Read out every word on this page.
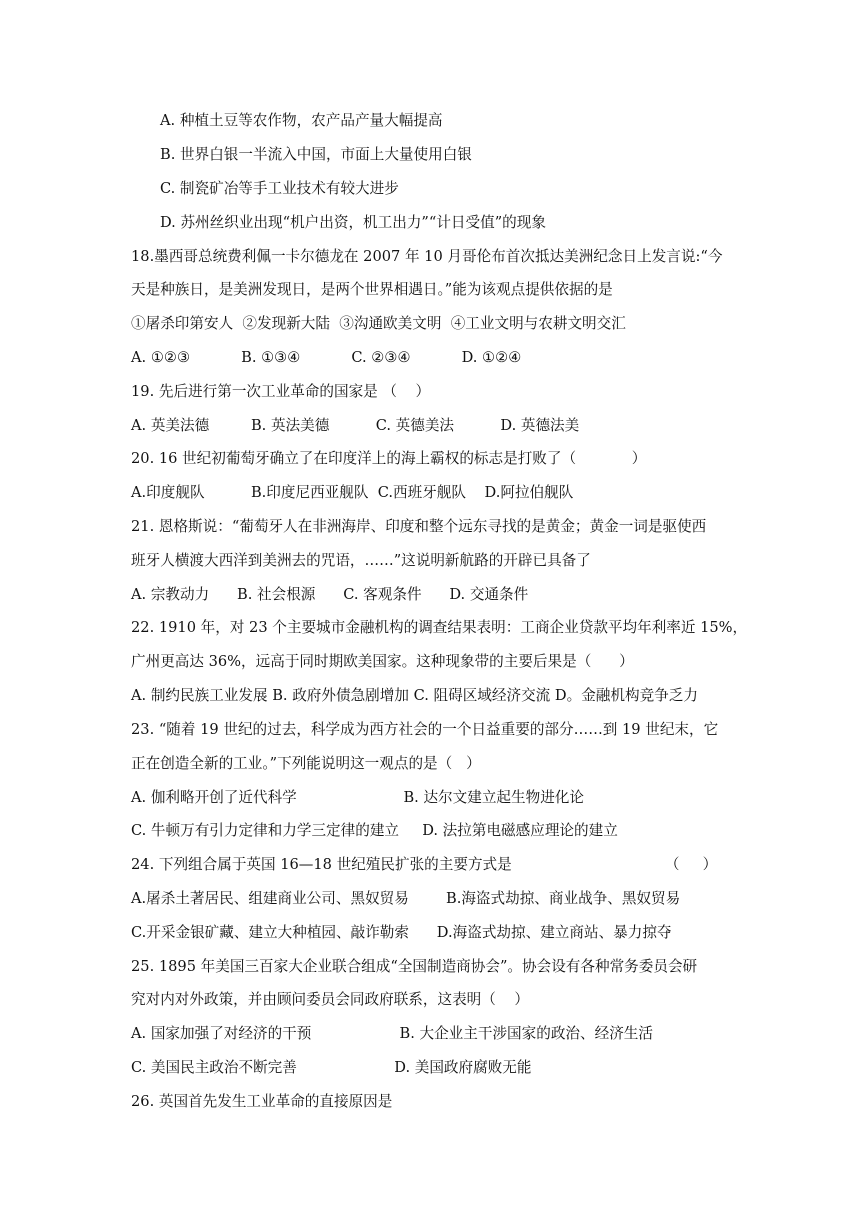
A. 种植土豆等农作物，农产品产量大幅提高
B. 世界白银一半流入中国，市面上大量使用白银
C. 制瓷矿冶等手工业技术有较大进步
D. 苏州丝织业出现“机户出资，机工出力”“计日受值”的现象
18.墨西哥总统费利佩一卡尔德龙在 2007 年 10 月哥伦布首次抵达美洲纪念日上发言说:“今
天是种族日，是美洲发现日，是两个世界相遇日。”能为该观点提供依据的是
①屠杀印第安人  ②发现新大陆  ③沟通欧美文明  ④工业文明与农耕文明交汇
A. ①②③           B. ①③④           C. ②③④           D. ①②④
19. 先后进行第一次工业革命的国家是 （    ）
A. 英美法德         B. 英法美德          C. 英德美法          D. 英德法美
20. 16 世纪初葡萄牙确立了在印度洋上的海上霸权的标志是打败了（            ）
A.印度舰队          B.印度尼西亚舰队  C.西班牙舰队    D.阿拉伯舰队
21. 恩格斯说：“葡萄牙人在非洲海岸、印度和整个远东寻找的是黄金；黄金一词是驱使西
班牙人横渡大西洋到美洲去的咒语，……”这说明新航路的开辟已具备了
A. 宗教动力      B. 社会根源      C. 客观条件      D. 交通条件
22. 1910 年，对 23 个主要城市金融机构的调查结果表明：工商企业贷款平均年利率近 15%，
广州更高达 36%，远高于同时期欧美国家。这种现象带的主要后果是（      ）
A. 制约民族工业发展 B. 政府外债急剧增加 C. 阻碍区域经济交流 D。金融机构竞争乏力
23. “随着 19 世纪的过去，科学成为西方社会的一个日益重要的部分……到 19 世纪末，它
正在创造全新的工业。”下列能说明这一观点的是（   ）
A. 伽利略开创了近代科学                       B. 达尔文建立起生物进化论
C. 牛顿万有引力定律和力学三定律的建立     D. 法拉第电磁感应理论的建立
24. 下列组合属于英国 16—18 世纪殖民扩张的主要方式是                                 （     ）
A.屠杀土著居民、组建商业公司、黑奴贸易        B.海盗式劫掠、商业战争、黑奴贸易
C.开采金银矿藏、建立大种植园、敲诈勒索      D.海盗式劫掠、建立商站、暴力掠夺
25. 1895 年美国三百家大企业联合组成“全国制造商协会”。协会设有各种常务委员会研
究对内对外政策，并由顾问委员会同政府联系，这表明（    ）
A. 国家加强了对经济的干预                   B. 大企业主干涉国家的政治、经济生活
C. 美国民主政治不断完善                     D. 美国政府腐败无能
26. 英国首先发生工业革命的直接原因是
